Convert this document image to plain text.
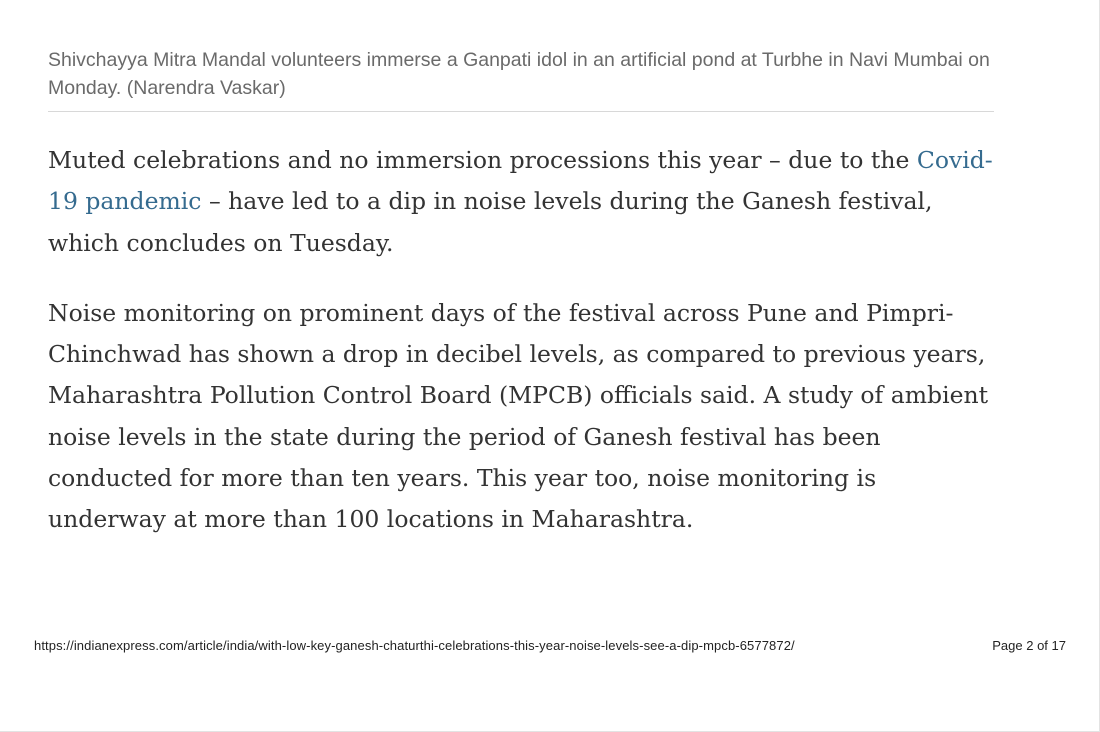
Shivchayya Mitra Mandal volunteers immerse a Ganpati idol in an artificial pond at Turbhe in Navi Mumbai on Monday. (Narendra Vaskar)

Muted celebrations and no immersion processions this year – due to the Covid-19 pandemic – have led to a dip in noise levels during the Ganesh festival, which concludes on Tuesday.

Noise monitoring on prominent days of the festival across Pune and Pimpri-Chinchwad has shown a drop in decibel levels, as compared to previous years, Maharashtra Pollution Control Board (MPCB) officials said. A study of ambient noise levels in the state during the period of Ganesh festival has been conducted for more than ten years. This year too, noise monitoring is underway at more than 100 locations in Maharashtra.

https://indianexpress.com/article/india/with-low-key-ganesh-chaturthi-celebrations-this-year-noise-levels-see-a-dip-mpcb-6577872/	Page 2 of 17
